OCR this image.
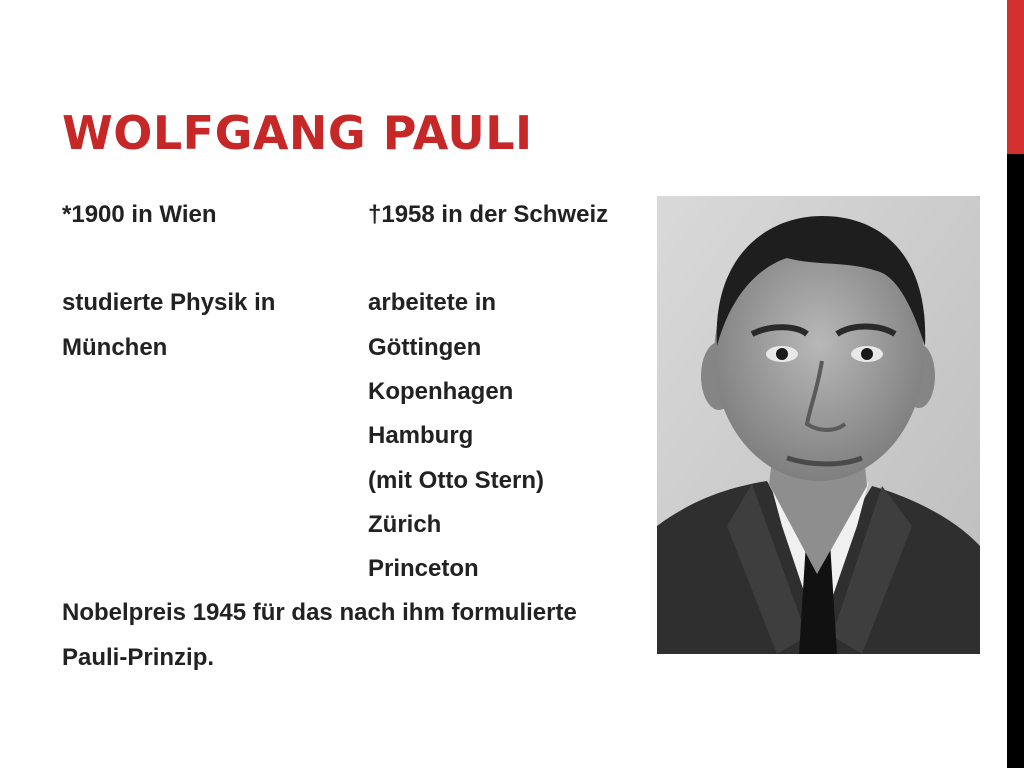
WOLFGANG PAULI
*1900 in Wien	†1958 in der Schweiz
studierte Physik in
München
arbeitete in
Göttingen
Kopenhagen
Hamburg
(mit Otto Stern)
Zürich
Princeton
Nobelpreis 1945 für das nach ihm formulierte
Pauli-Prinzip.
